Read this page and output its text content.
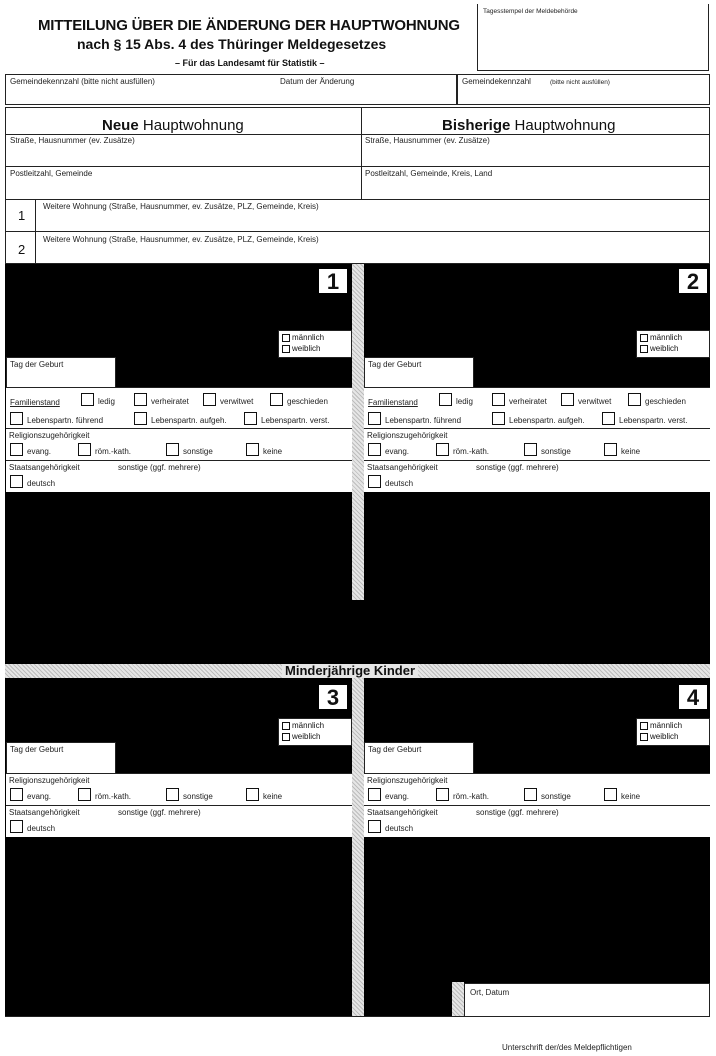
MITTEILUNG ÜBER DIE ÄNDERUNG DER HAUPTWOHNUNG
nach § 15 Abs. 4 des Thüringer Meldegesetzes
– Für das Landesamt für Statistik –
Tagesstempel der Meldebehörde
Gemeindekennzahl (bitte nicht ausfüllen)	Datum der Änderung	Gemeindekennzahl	(bitte nicht ausfüllen)
Neue Hauptwohnung	Bisherige Hauptwohnung
Straße, Hausnummer (ev. Zusätze)	Straße, Hausnummer (ev. Zusätze)
Postleitzahl, Gemeinde	Postleitzahl, Gemeinde, Kreis, Land
1
Weitere Wohnung (Straße, Hausnummer, ev. Zusätze, PLZ, Gemeinde, Kreis)
2
Weitere Wohnung (Straße, Hausnummer, ev. Zusätze, PLZ, Gemeinde, Kreis)
1
männlich
weiblich
Tag der Geburt
Familienstand	ledig	verheiratet	verwitwet	geschieden
Lebenspartn. führend	Lebenspartn. aufgeh.	Lebenspartn. verst.
Religionszugehörigkeit
evang.	röm.-kath.	sonstige	keine
Staatsangehörigkeit	sonstige (ggf. mehrere)
deutsch
2
männlich
weiblich
Tag der Geburt
Familienstand	ledig	verheiratet	verwitwet	geschieden
Lebenspartn. führend	Lebenspartn. aufgeh.	Lebenspartn. verst.
Religionszugehörigkeit
evang.	röm.-kath.	sonstige	keine
Staatsangehörigkeit	sonstige (ggf. mehrere)
deutsch
Minderjährige Kinder
3
männlich
weiblich
Tag der Geburt
Religionszugehörigkeit
evang.	röm.-kath.	sonstige	keine
Staatsangehörigkeit	sonstige (ggf. mehrere)
deutsch
4
männlich
weiblich
Tag der Geburt
Religionszugehörigkeit
evang.	röm.-kath.	sonstige	keine
Staatsangehörigkeit	sonstige (ggf. mehrere)
deutsch
Ort, Datum
Unterschrift der/des Meldepflichtigen
